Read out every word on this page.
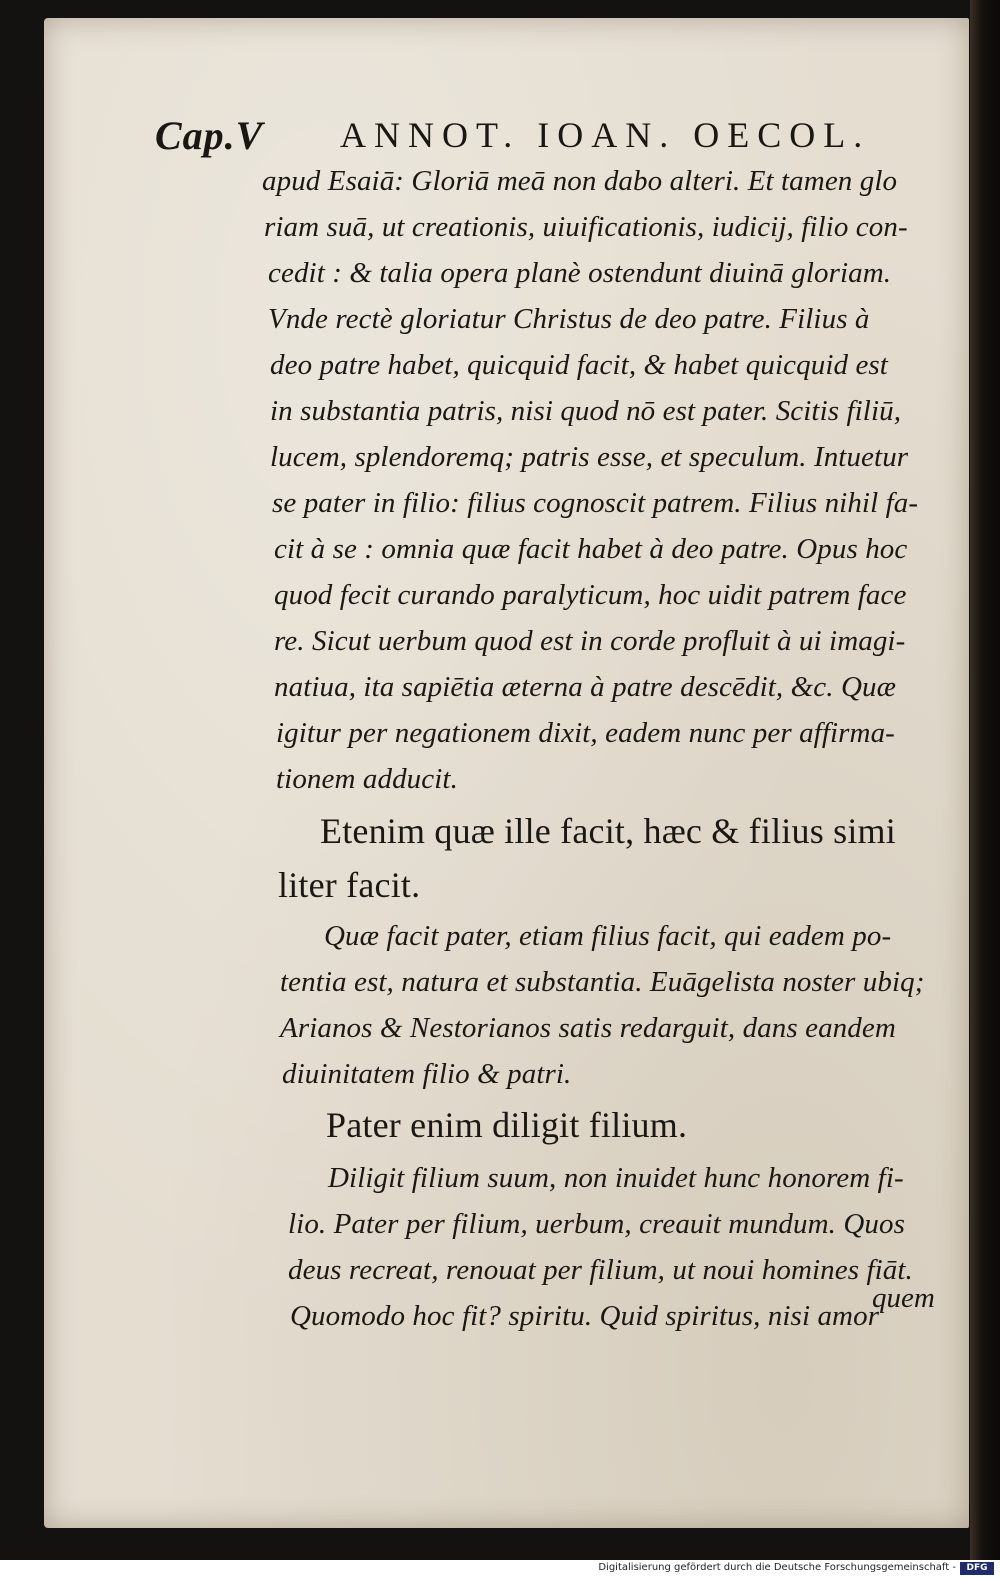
Cap.V ANNOT. IOAN. OECOL.
apud Esaiā: Gloriā meā non dabo alteri. Et tamen glo
riam suā, ut creationis, uiuificationis, iudicij, filio con-
cedit : & talia opera planè ostendunt diuinā gloriam.
Vnde rectè gloriatur Christus de deo patre. Filius à
deo patre habet, quicquid facit, & habet quicquid est
in substantia patris, nisi quod nō est pater. Scitis filiū,
lucem, splendoremq; patris esse, et speculum. Intuetur
se pater in filio: filius cognoscit patrem. Filius nihil fa-
cit à se : omnia quæ facit habet à deo patre. Opus hoc
quod fecit curando paralyticum, hoc uidit patrem face
re. Sicut uerbum quod est in corde profluit à ui imagi-
natiua, ita sapiētia æterna à patre descēdit, &c. Quæ
igitur per negationem dixit, eadem nunc per affirma-
tionem adducit.
Etenim quæ ille facit, hæc & filius simi
liter facit.
Quæ facit pater, etiam filius facit, qui eadem po-
tentia est, natura et substantia. Euāgelista noster ubiq;
Arianos & Nestorianos satis redarguit, dans eandem
diuinitatem filio & patri.
Pater enim diligit filium.
Diligit filium suum, non inuidet hunc honorem fi-
lio. Pater per filium, uerbum, creauit mundum. Quos
deus recreat, renouat per filium, ut noui homines fiāt.
Quomodo hoc fit? spiritu. Quid spiritus, nisi amor
quem
Digitalisierung gefördert durch die Deutsche Forschungsgemeinschaft -	DFG
